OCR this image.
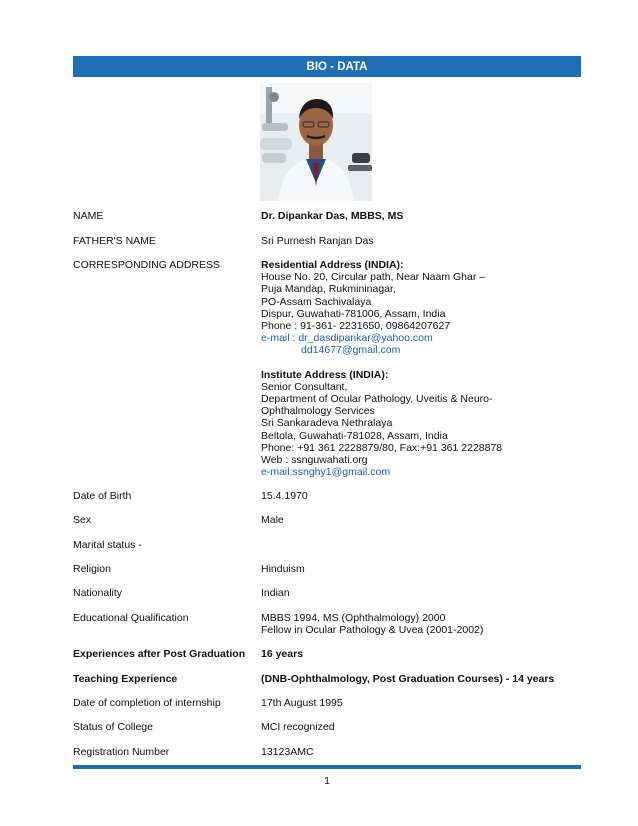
BIO - DATA
NAME	Dr. Dipankar Das, MBBS, MS
FATHER'S NAME	Sri Purnesh Ranjan Das
CORRESPONDING ADDRESS	Residential Address (INDIA):
House No. 20, Circular path, Near Naam Ghar –
Puja Mandap, Rukmininagar,
PO-Assam Sachivalaya
Dispur, Guwahati-781006, Assam, India
Phone : 91-361- 2231650, 09864207627
e-mail : dr_dasdipankar@yahoo.com
dd14677@gmail.com
Institute Address (INDIA):
Senior Consultant,
Department of Ocular Pathology, Uveitis & Neuro-
Ophthalmology Services
Sri Sankaradeva Nethralaya
Beltola, Guwahati-781028, Assam, India
Phone: +91 361 2228879/80, Fax:+91 361 2228878
Web : ssnguwahati.org
e-mail:ssnghy1@gmail.com
Date of Birth	15.4.1970
Sex	Male
Marital status -
Religion	Hinduism
Nationality	Indian
Educational Qualification	MBBS 1994, MS (Ophthalmology) 2000
Fellow in Ocular Pathology & Uvea (2001-2002)
Experiences after Post Graduation	16 years
Teaching Experience	(DNB-Ophthalmology, Post Graduation Courses) - 14 years
Date of completion of internship	17th August 1995
Status of College	MCI recognized
Registration Number	13123AMC
1
